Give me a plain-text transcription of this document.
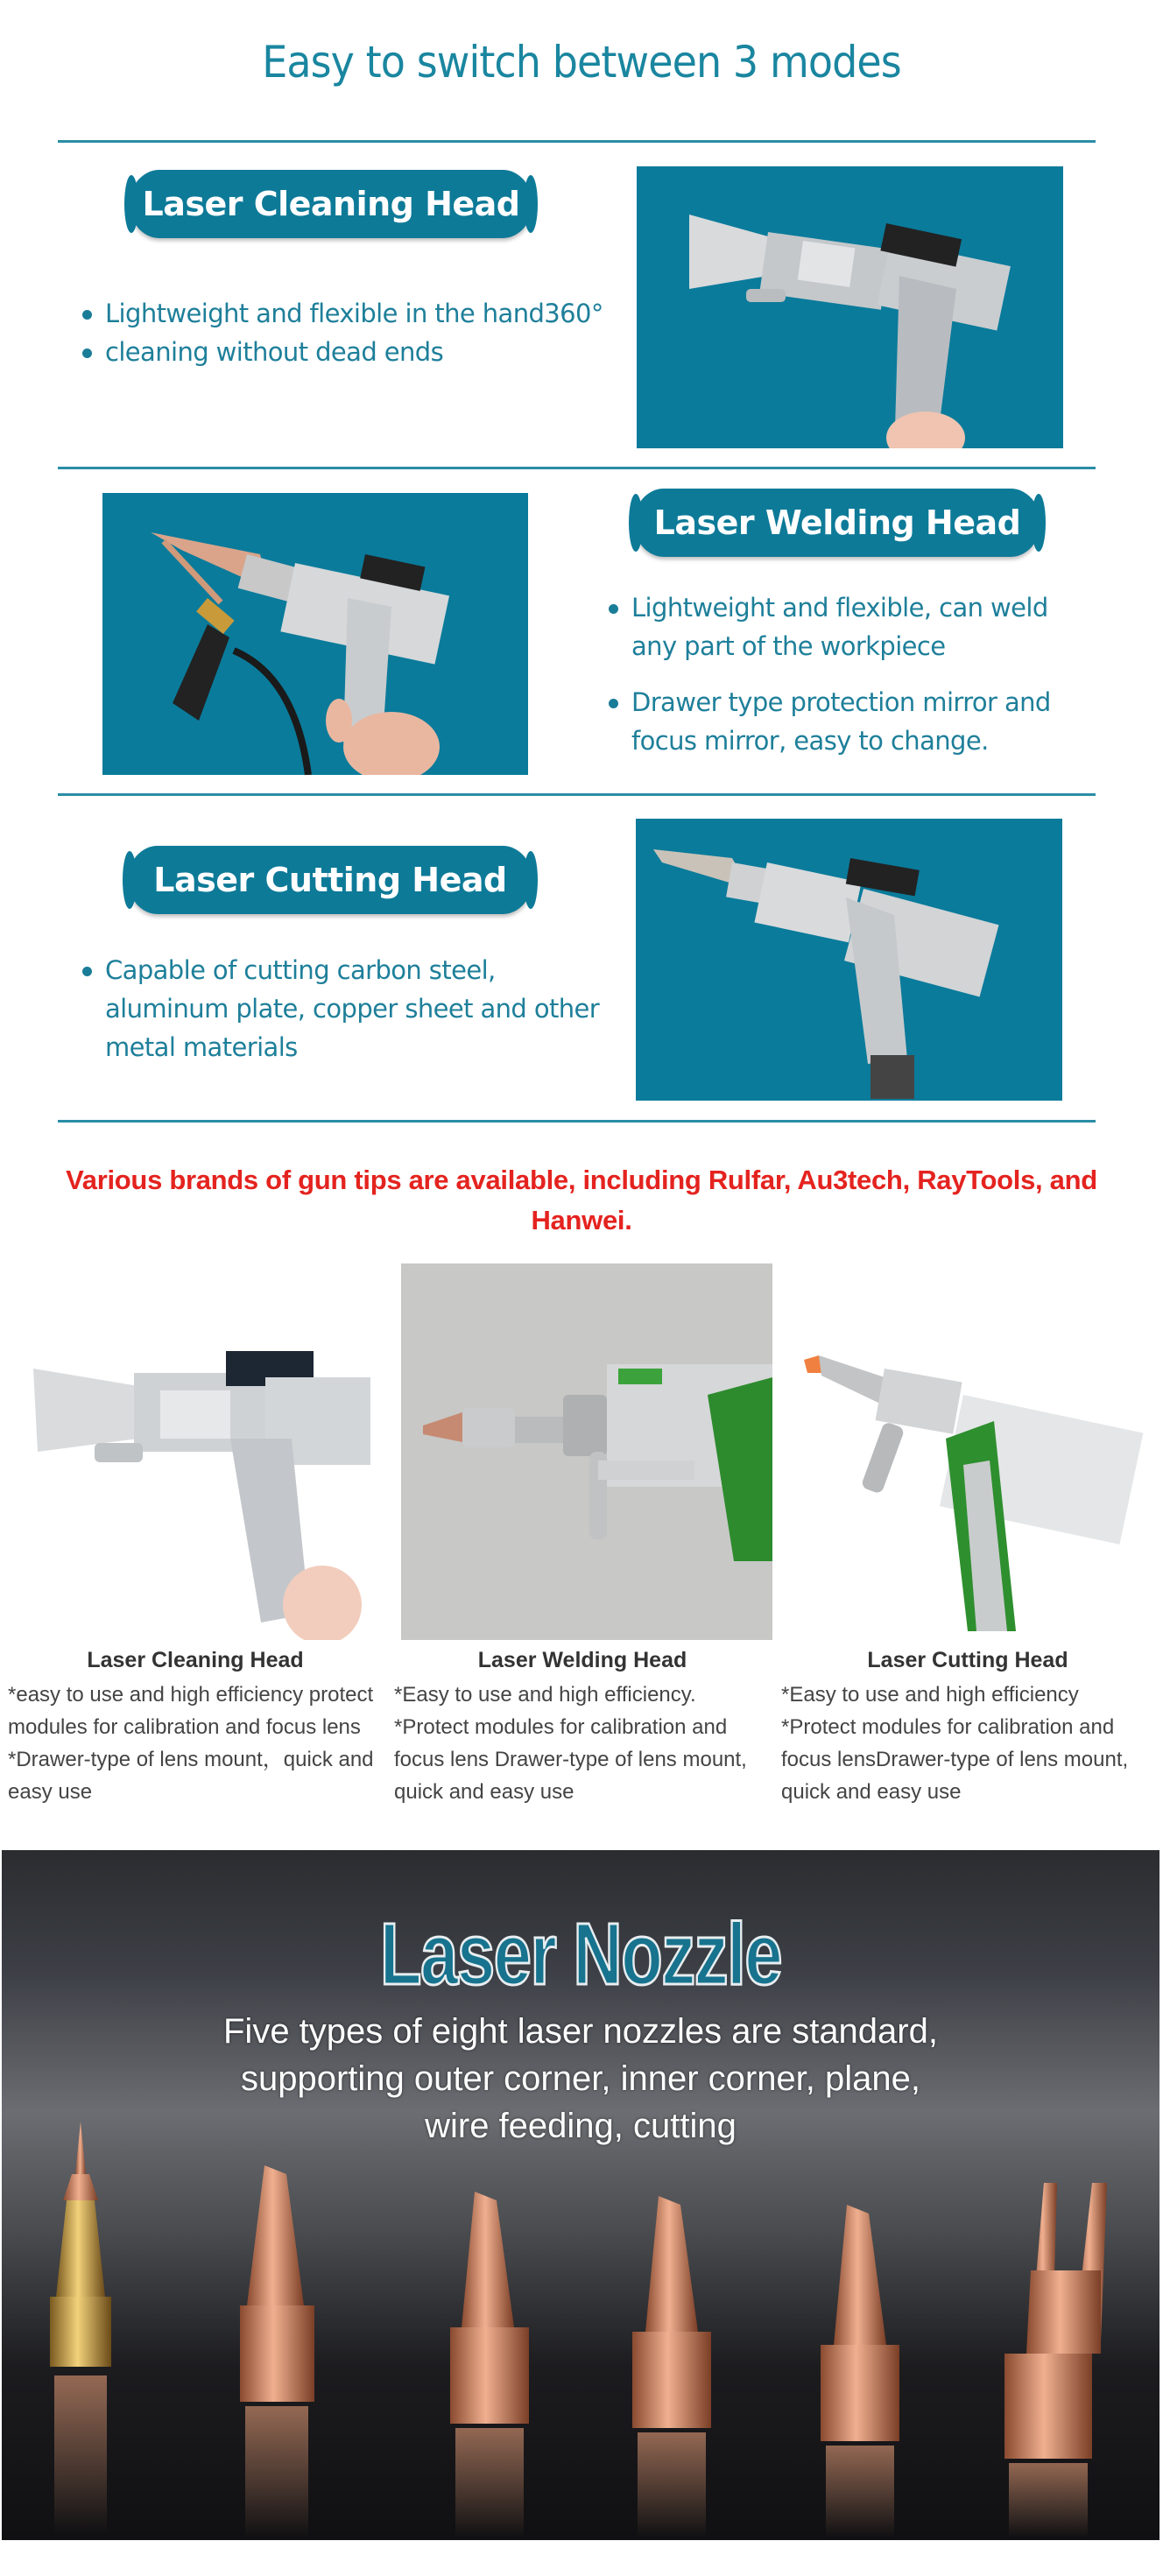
Easy to switch between 3 modes
Laser Cleaning Head
Lightweight and flexible in the hand360°
cleaning without dead ends
Laser Welding Head
Lightweight and flexible, can weld any part of the workpiece
Drawer type protection mirror and focus mirror, easy to change.
Laser Cutting Head
Capable of cutting carbon steel, aluminum plate, copper sheet and other metal materials
Various brands of gun tips are available, including Rulfar, Au3tech, RayTools, and Hanwei.
Laser Cleaning Head	Laser Welding Head	Laser Cutting Head
*easy to use and high efficiency protect modules for calibration and focus lens *Drawer-type of lens mount，quick and easy use
*Easy to use and high efficiency. *Protect modules for calibration and focus lens Drawer-type of lens mount, quick and easy use
*Easy to use and high efficiency *Protect modules for calibration and focus lensDrawer-type of lens mount, quick and easy use
Laser Nozzle
Five types of eight laser nozzles are standard,
supporting outer corner, inner corner, plane,
wire feeding, cutting
